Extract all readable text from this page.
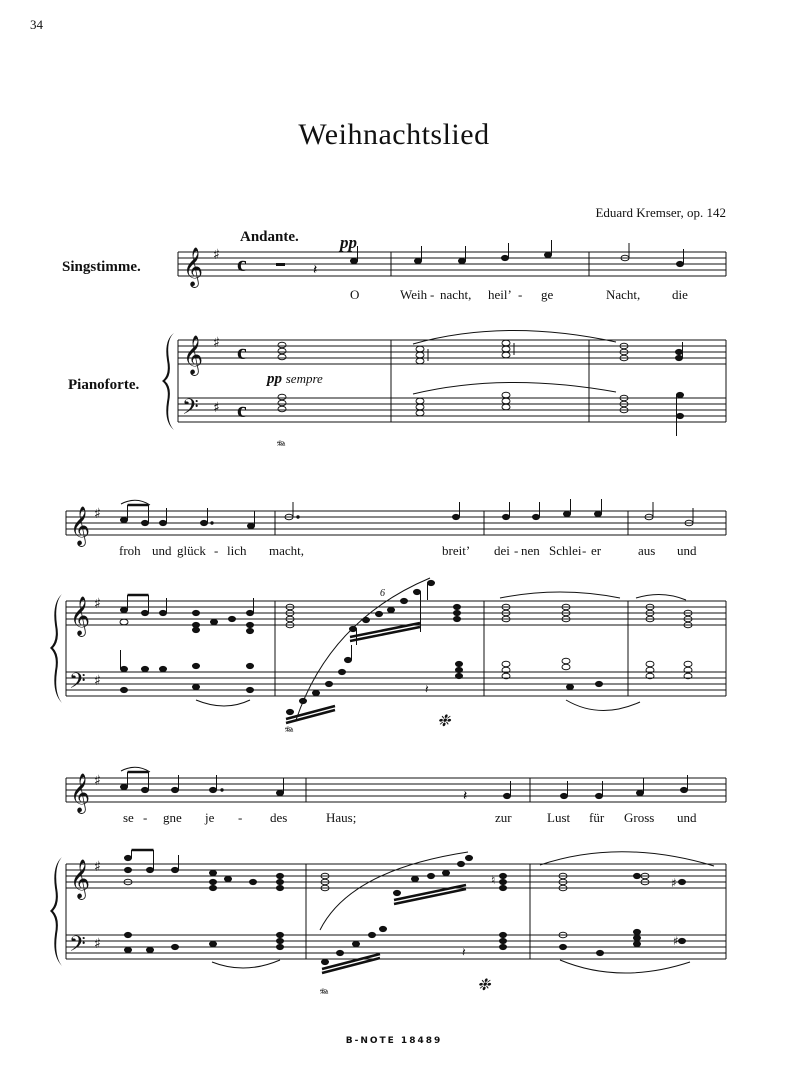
34
Weihnachtslied
Eduard Kremser, op. 142
Andante. pp
pp sempre
Singstimme.
Pianoforte.
𝄞
𝄞
𝄢
𝄞
𝄞
𝄢
𝄞
𝄞
𝄢
♯
♯
♯
♯
♯
♯
♯
♯
♯
c
c
c
𝄽
𝄽
𝄽
♮	♯
𝄽
♯
𝆮
𝆮
𝆮
❉
❉
6
O	Weih - nacht, heil’ - ge	Nacht, die
froh und glück - lich macht,	breit’ dei - nen Schlei - er	aus und
se - gne je - des	Haus;	zur	Lust für Gross und
B-NOTE 18489
